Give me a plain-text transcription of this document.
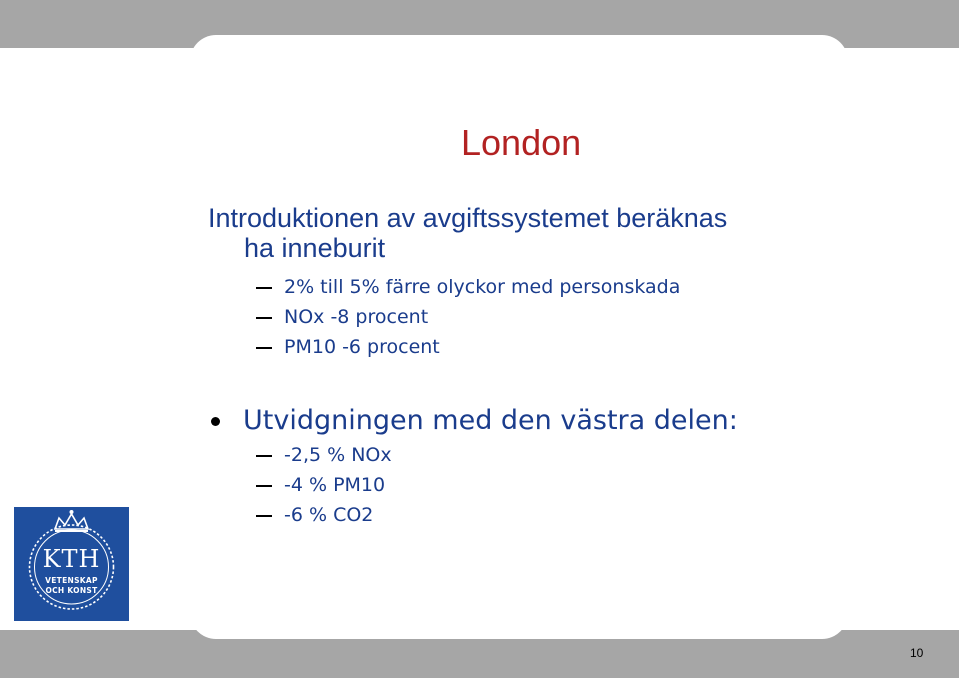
London
Introduktionen av avgiftssystemet beräknas
ha inneburit
2% till 5% färre olyckor med personskada
NOx -8 procent
PM10 -6 procent
Utvidgningen med den västra delen:
-2,5 % NOx
-4 % PM10
-6 % CO2
KTH
VETENSKAP
OCH KONST
10
